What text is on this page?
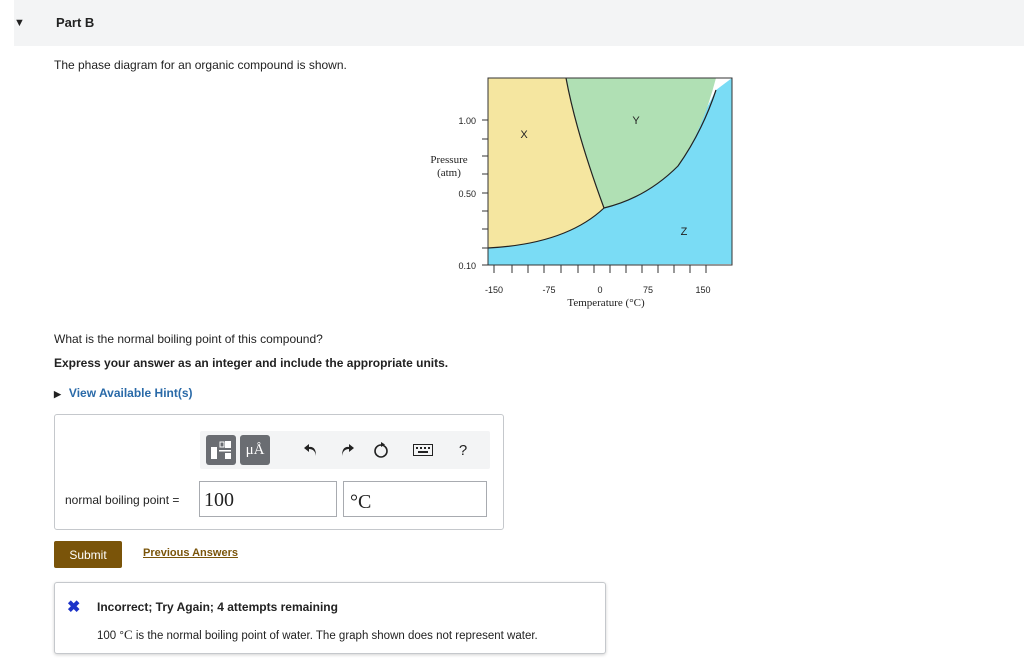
▼	Part B
The phase diagram for an organic compound is shown.
1.00
0.50
0.10
Pressure
(atm)
-150	-75	0	75	150
Temperature (°C)
X
Y
Z
What is the normal boiling point of this compound?
Express your answer as an integer and include the appropriate units.
▶ View Available Hint(s)
μÅ	?
normal boiling point = 100	°C
Submit	Previous Answers
✖ Incorrect; Try Again; 4 attempts remaining
100 °C is the normal boiling point of water. The graph shown does not represent water.
